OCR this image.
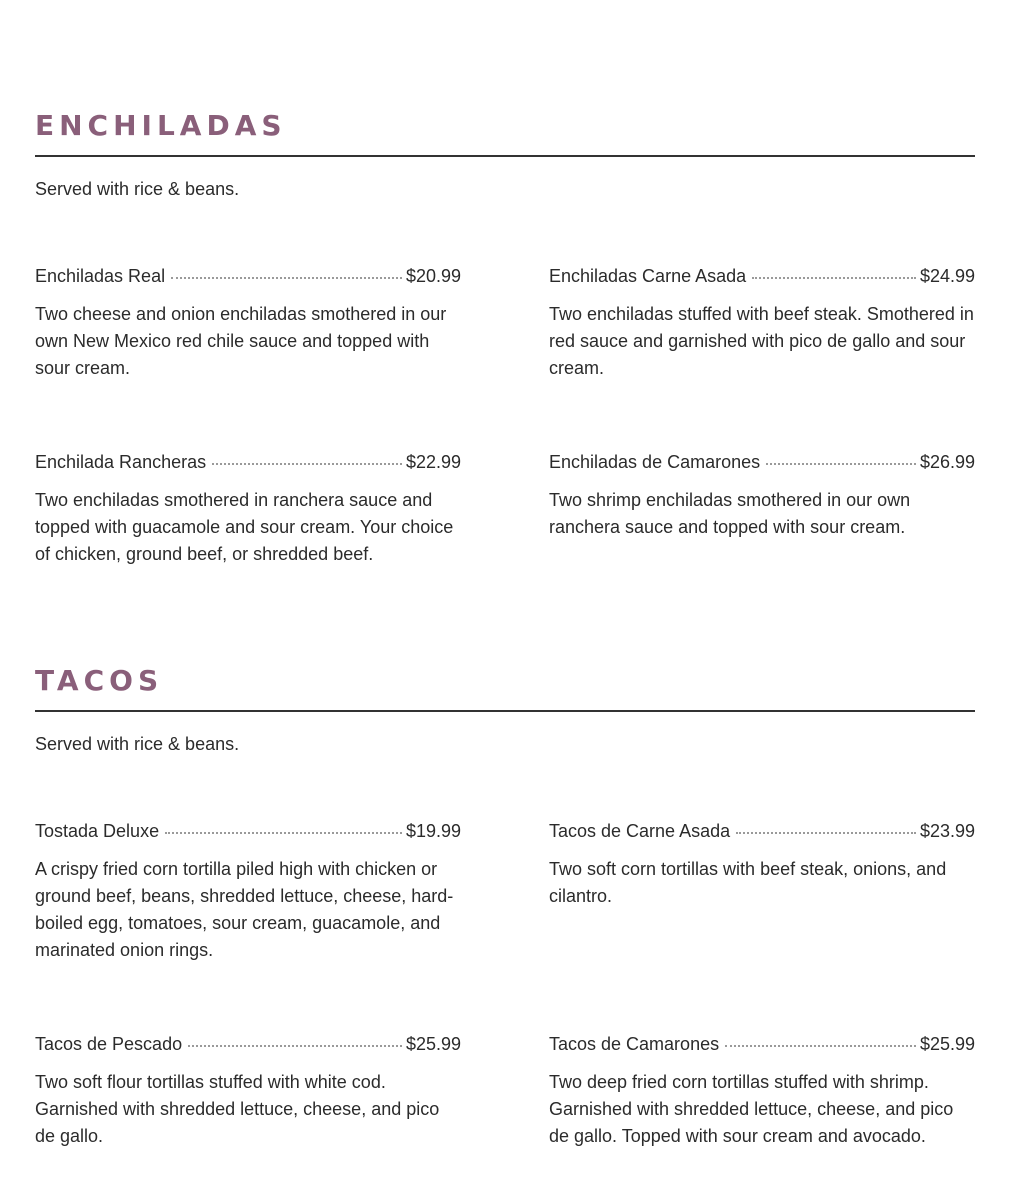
ENCHILADAS
Served with rice & beans.
Enchiladas Real	$20.99
Two cheese and onion enchiladas smothered in our own New Mexico red chile sauce and topped with sour cream.
Enchiladas Carne Asada	$24.99
Two enchiladas stuffed with beef steak. Smothered in red sauce and garnished with pico de gallo and sour cream.
Enchilada Rancheras	$22.99
Two enchiladas smothered in ranchera sauce and topped with guacamole and sour cream. Your choice of chicken, ground beef, or shredded beef.
Enchiladas de Camarones	$26.99
Two shrimp enchiladas smothered in our own ranchera sauce and topped with sour cream.
TACOS
Served with rice & beans.
Tostada Deluxe	$19.99
A crispy fried corn tortilla piled high with chicken or ground beef, beans, shredded lettuce, cheese, hard-boiled egg, tomatoes, sour cream, guacamole, and marinated onion rings.
Tacos de Carne Asada	$23.99
Two soft corn tortillas with beef steak, onions, and cilantro.
Tacos de Pescado	$25.99
Two soft flour tortillas stuffed with white cod. Garnished with shredded lettuce, cheese, and pico de gallo.
Tacos de Camarones	$25.99
Two deep fried corn tortillas stuffed with shrimp. Garnished with shredded lettuce, cheese, and pico de gallo. Topped with sour cream and avocado.
